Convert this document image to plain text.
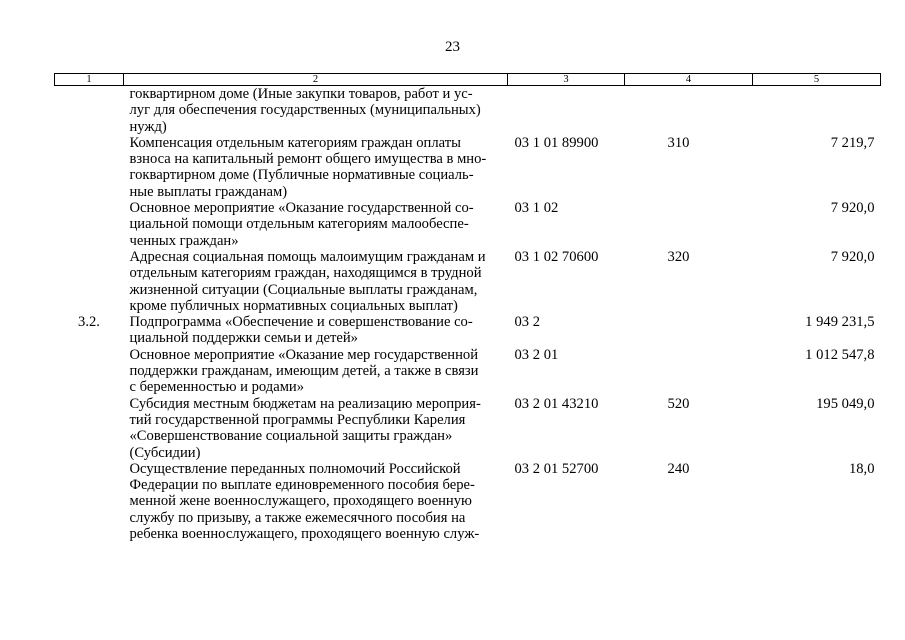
23
1	2	3	4	5

	гоквартирном доме (Иные закупки товаров, работ и ус-
луг для обеспечения государственных (муниципальных)
нужд)			

	Компенсация отдельным категориям граждан оплаты
взноса на капитальный ремонт общего имущества в мно-
гоквартирном доме (Публичные нормативные социаль-
ные выплаты гражданам)	03 1 01 89900	310	7 219,7

	Основное мероприятие «Оказание государственной со-
циальной помощи отдельным категориям малообеспе-
ченных граждан»	03 1 02		7 920,0

	Адресная социальная помощь малоимущим гражданам и
отдельным категориям граждан, находящимся в трудной
жизненной ситуации (Социальные выплаты гражданам,
кроме публичных нормативных социальных выплат)	03 1 02 70600	320	7 920,0
3.2.	Подпрограмма «Обеспечение и совершенствование со-
циальной поддержки семьи и детей»	03 2		1 949 231,5

	Основное мероприятие «Оказание мер государственной
поддержки гражданам, имеющим детей, а также в связи
с беременностью и родами»	03 2 01		1 012 547,8

	Субсидия местным бюджетам на реализацию мероприя-
тий государственной программы Республики Карелия
«Совершенствование социальной защиты граждан»
(Субсидии)	03 2 01 43210	520	195 049,0

	Осуществление переданных полномочий Российской
Федерации по выплате единовременного пособия бере-
менной жене военнослужащего, проходящего военную
службу по призыву, а также ежемесячного пособия на
ребенка военнослужащего, проходящего военную служ-	03 2 01 52700	240	18,0
